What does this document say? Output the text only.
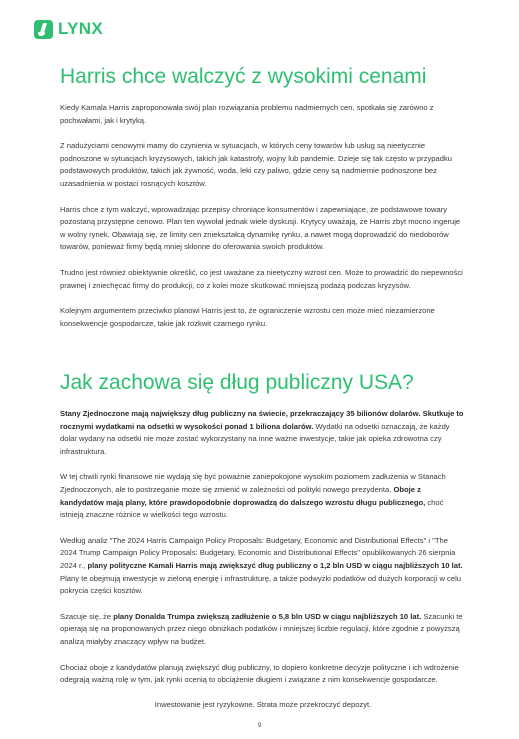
LYNX
Harris chce walczyć z wysokimi cenami

Kiedy Kamala Harris zaproponowała swój plan rozwiązania problemu nadmiernych cen, spotkała się zarówno z pochwałami, jak i krytyką.

Z nadużyciami cenowymi mamy do czynienia w sytuacjach, w których ceny towarów lub usług są nieetycznie podnoszone w sytuacjach kryzysowych, takich jak katastrofy, wojny lub pandemie. Dzieje się tak często w przypadku podstawowych produktów, takich jak żywność, woda, leki czy paliwo, gdzie ceny są nadmiernie podnoszone bez uzasadnienia w postaci rosnących kosztów.

Harris chce z tym walczyć, wprowadzając przepisy chroniące konsumentów i zapewniające, że podstawowe towary pozostaną przystępne cenowo. Plan ten wywołał jednak wiele dyskusji. Krytycy uważają, że Harris zbyt mocno ingeruje w wolny rynek. Obawiają się, że limity cen zniekształcą dynamikę rynku, a nawet mogą doprowadzić do niedoborów towarów, ponieważ firmy będą mniej skłonne do oferowania swoich produktów.

Trudno jest również obiektywnie określić, co jest uważane za nieetyczny wzrost cen. Może to prowadzić do niepewności prawnej i zniechęcać firmy do produkcji, co z kolei może skutkować mniejszą podażą podczas kryzysów.

Kolejnym argumentem przeciwko planowi Harris jest to, że ograniczenie wzrostu cen może mieć niezamierzone konsekwencje gospodarcze, takie jak rozkwit czarnego rynku.

Jak zachowa się dług publiczny USA?

Stany Zjednoczone mają największy dług publiczny na świecie, przekraczający 35 bilionów dolarów. Skutkuje to rocznymi wydatkami na odsetki w wysokości ponad 1 biliona dolarów. Wydatki na odsetki oznaczają, że każdy dolar wydany na odsetki nie może zostać wykorzystany na inne ważne inwestycje, takie jak opieka zdrowotna czy infrastruktura.

W tej chwili rynki finansowe nie wydają się być poważnie zaniepokojone wysokim poziomem zadłużenia w Stanach Zjednoczonych, ale to postrzeganie może się zmienić w zależności od polityki nowego prezydenta. Oboje z kandydatów mają plany, które prawdopodobnie doprowadzą do dalszego wzrostu długu publicznego, choć istnieją znaczne różnice w wielkości tego wzrostu.

Według analiz "The 2024 Harris Campaign Policy Proposals: Budgetary, Economic and Distributional Effects" i "The 2024 Trump Campaign Policy Proposals: Budgetary, Economic and Distributional Effects" opublikowanych 26 sierpnia 2024 r., plany polityczne Kamali Harris mają zwiększyć dług publiczny o 1,2 bln USD w ciągu najbliższych 10 lat. Plany te obejmują inwestycje w zieloną energię i infrastrukturę, a także podwyżki podatków od dużych korporacji w celu pokrycia części kosztów.

Szacuje się, że plany Donalda Trumpa zwiększą zadłużenie o 5,8 bln USD w ciągu najbliższych 10 lat. Szacunki te opierają się na proponowanych przez niego obniżkach podatków i mniejszej liczbie regulacji, które zgodnie z powyższą analizą miałyby znaczący wpływ na budżet.

Chociaż oboje z kandydatów planują zwiększyć dług publiczny, to dopiero konkretne decyzje polityczne i ich wdrożenie odegrają ważną rolę w tym, jak rynki ocenią to obciążenie długiem i związane z nim konsekwencje gospodarcze.

Inwestowanie jest ryzykowne. Strata może przekroczyć depozyt.

9
